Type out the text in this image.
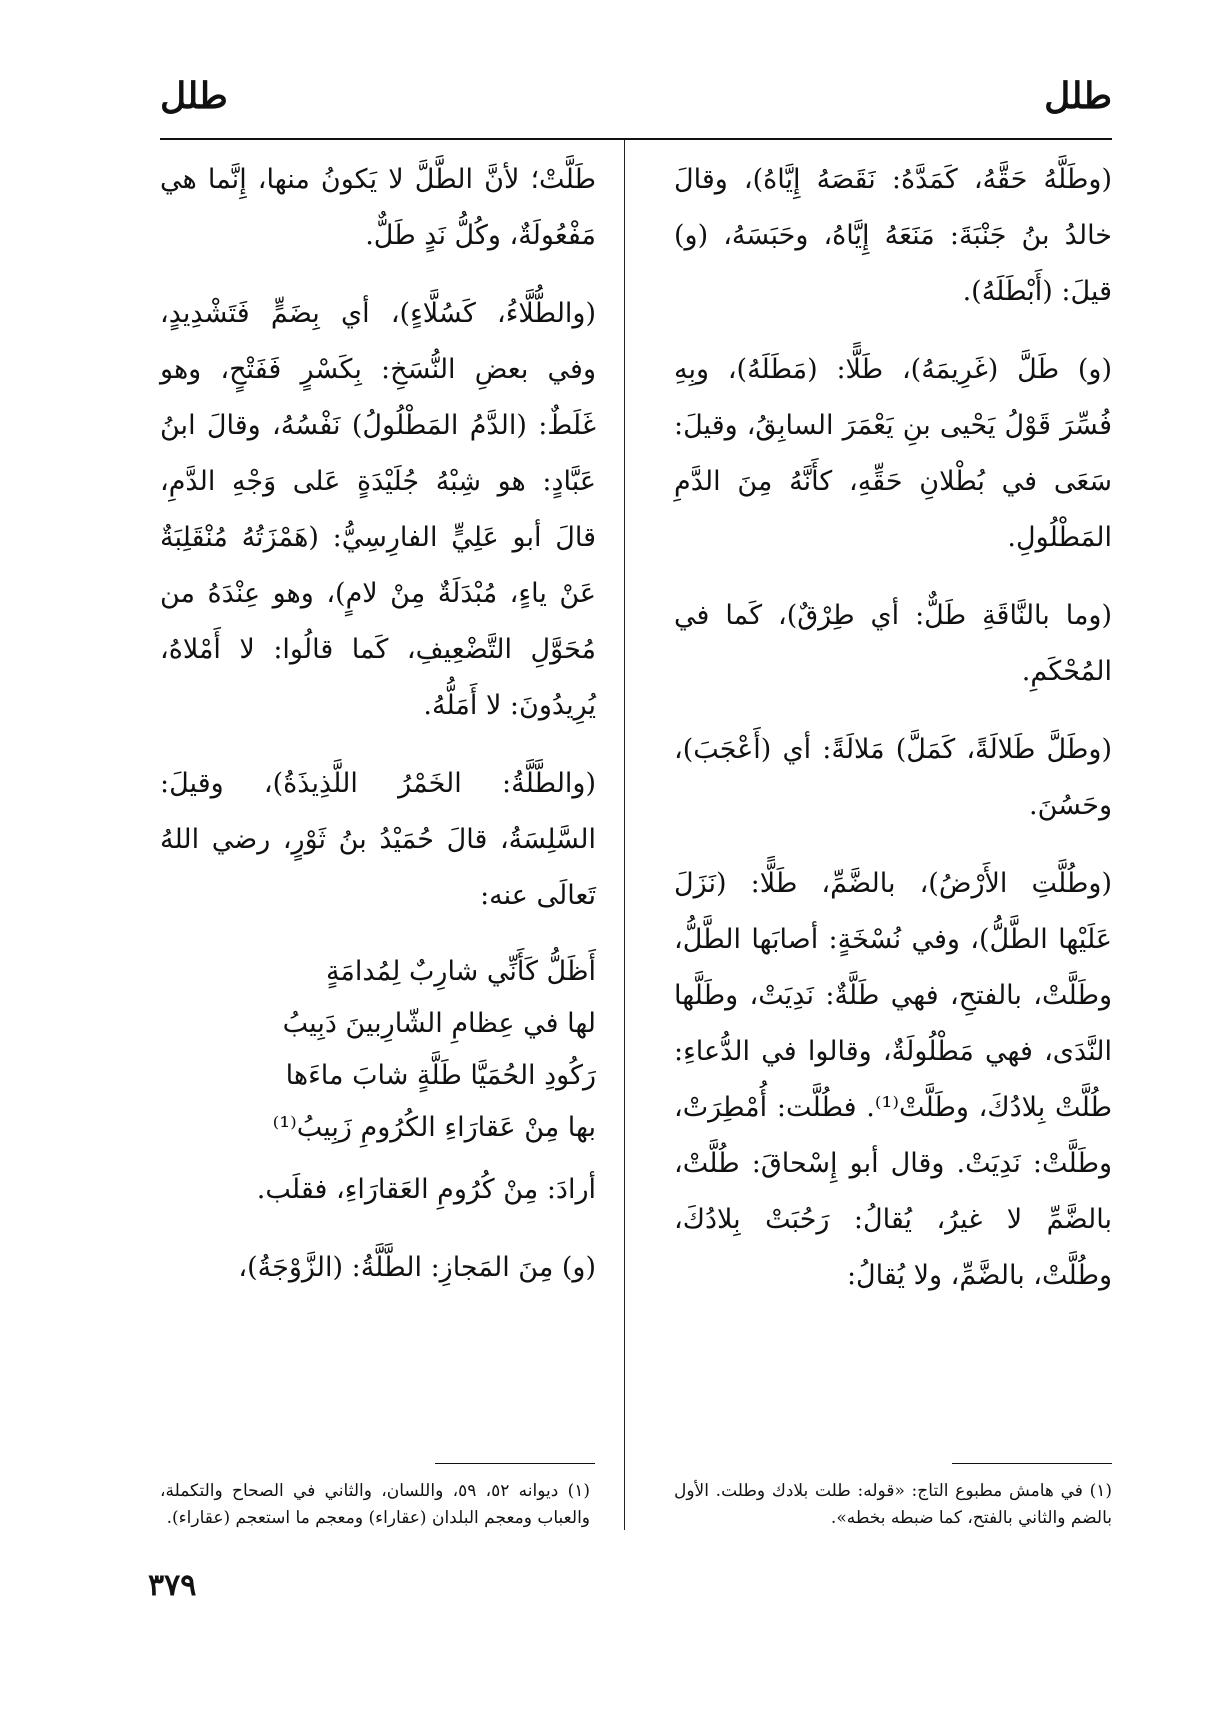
طلل
طلل

(وطَلَّهُ حَقَّهُ، كَمَدَّهُ: نَقَصَهُ إِيَّاهُ)، وقالَ خالدُ بنُ جَنْبَةَ: مَنَعَهُ إِيَّاهُ، وحَبَسَهُ، (و) قيلَ: (أَبْطَلَهُ).

(و) طَلَّ (غَرِيمَهُ)، طَلًّا: (مَطَلَهُ)، وبِهِ فُسِّرَ قَوْلُ يَحْيى بنِ يَعْمَرَ السابِقُ، وقيلَ: سَعَى في بُطْلانِ حَقِّهِ، كأَنَّهُ مِنَ الدَّمِ المَطْلُولِ.

(وما بالنَّاقَةِ طَلٌّ: أي طِرْقٌ)، كَما في المُحْكَمِ.

(وطَلَّ طَلالَةً، كَمَلَّ) مَلالَةً: أي (أَعْجَبَ)، وحَسُنَ.

(وطُلَّتِ الأَرْضُ)، بالضَّمِّ، طَلًّا: (نَزَلَ عَلَيْها الطَّلُّ)، وفي نُسْخَةٍ: أصابَها الطَّلُّ، وطَلَّتْ، بالفتحِ، فهي طَلَّةٌ: نَدِيَتْ، وطَلَّها النَّدَى، فهي مَطْلُولَةٌ، وقالوا في الدُّعاءِ: طُلَّتْ بِلادُكَ، وطَلَّتْ⁽¹⁾. فطُلَّت: أُمْطِرَتْ، وطَلَّتْ: نَدِيَتْ. وقال أبو إِسْحاقَ: طُلَّتْ، بالضَّمِّ لا غيرُ، يُقالُ: رَحُبَتْ بِلادُكَ، وطُلَّتْ، بالضَّمِّ، ولا يُقالُ:

طَلَّتْ؛ لأنَّ الطَّلَّ لا يَكونُ منها، إِنَّما هي مَفْعُولَةٌ، وكُلُّ نَدٍ طَلٌّ.

(والطُّلَّاءُ، كَسُلَّاءٍ)، أي بِضَمٍّ فَتَشْدِيدٍ، وفي بعضِ النُّسَخِ: بِكَسْرٍ فَفَتْحٍ، وهو غَلَطٌ: (الدَّمُ المَطْلُولُ) نَفْسُهُ، وقالَ ابنُ عَبَّادٍ: هو شِبْهُ جُلَيْدَةٍ عَلى وَجْهِ الدَّمِ، قالَ أبو عَلِيٍّ الفارِسِيُّ: (هَمْزَتُهُ مُنْقَلِبَةٌ عَنْ ياءٍ، مُبْدَلَةٌ مِنْ لامٍ)، وهو عِنْدَهُ من مُحَوَّلِ التَّضْعِيفِ، كَما قالُوا: لا أَمْلاهُ، يُرِيدُونَ: لا أَمَلُّهُ.

(والطَّلَّةُ: الخَمْرُ اللَّذِيذَةُ)، وقيلَ: السَّلِسَةُ، قالَ حُمَيْدُ بنُ ثَوْرٍ، رضي اللهُ تَعالَى عنه:

أَظَلُّ كَأَنِّي شارِبٌ لِمُدامَةٍ

لها في عِظامِ الشّارِبينَ دَبِيبُ

رَكُودِ الحُمَيَّا طَلَّةٍ شابَ ماءَها

بها مِنْ عَقارَاءِ الكُرُومِ زَبِيبُ⁽¹⁾

أرادَ: مِنْ كُرُومِ العَقارَاءِ، فقلَب.

(و) مِنَ المَجازِ: الطَّلَّةُ: (الزَّوْجَةُ)،

(١) في هامش مطبوع التاج: «قوله: طلت بلادك وطلت. الأول بالضم والثاني بالفتح، كما ضبطه بخطه».
(١) ديوانه ٥٢، ٥٩، واللسان، والثاني في الصحاح والتكملة، والعباب ومعجم البلدان (عقاراء) ومعجم ما استعجم (عقاراء).
٣٧٩
